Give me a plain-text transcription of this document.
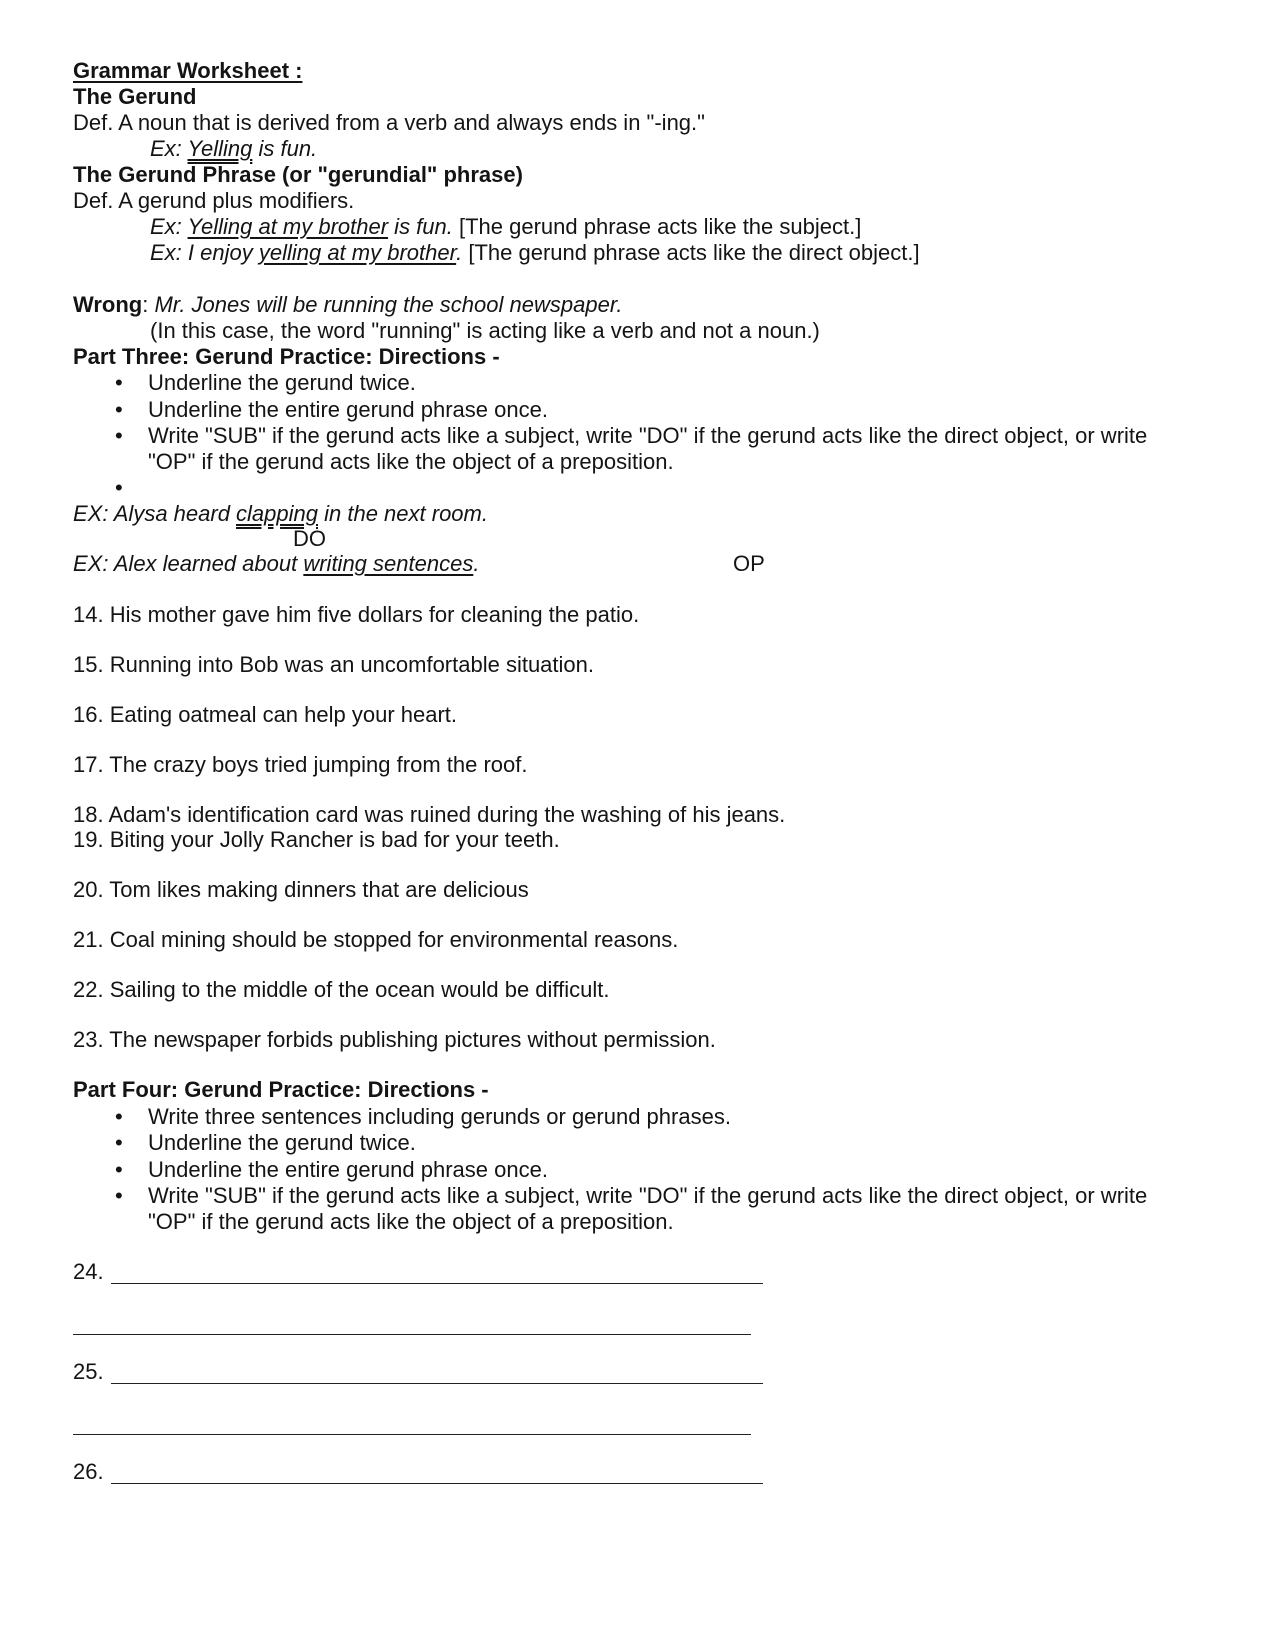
Grammar Worksheet :
The Gerund
Def. A noun that is derived from a verb and always ends in "-ing."
Ex: Yelling is fun.
The Gerund Phrase (or "gerundial" phrase)
Def. A gerund plus modifiers.
Ex: Yelling at my brother is fun. [The gerund phrase acts like the subject.]
Ex: I enjoy yelling at my brother. [The gerund phrase acts like the direct object.]
Wrong: Mr. Jones will be running the school newspaper.
(In this case, the word "running" is acting like a verb and not a noun.)
Part Three: Gerund Practice: Directions -
• Underline the gerund twice.
• Underline the entire gerund phrase once.
• Write "SUB" if the gerund acts like a subject, write "DO" if the gerund acts like the direct object, or write
"OP" if the gerund acts like the object of a preposition.
•
EX: Alysa heard clapping in the next room.
DO
EX: Alex learned about writing sentences.	OP
14. His mother gave him five dollars for cleaning the patio.
15. Running into Bob was an uncomfortable situation.
16. Eating oatmeal can help your heart.
17. The crazy boys tried jumping from the roof.
18. Adam's identification card was ruined during the washing of his jeans.
19. Biting your Jolly Rancher is bad for your teeth.
20. Tom likes making dinners that are delicious
21. Coal mining should be stopped for environmental reasons.
22. Sailing to the middle of the ocean would be difficult.
23. The newspaper forbids publishing pictures without permission.
Part Four: Gerund Practice: Directions -
• Write three sentences including gerunds or gerund phrases.
• Underline the gerund twice.
• Underline the entire gerund phrase once.
• Write "SUB" if the gerund acts like a subject, write "DO" if the gerund acts like the direct object, or write
"OP" if the gerund acts like the object of a preposition.
24.
25.
26.
